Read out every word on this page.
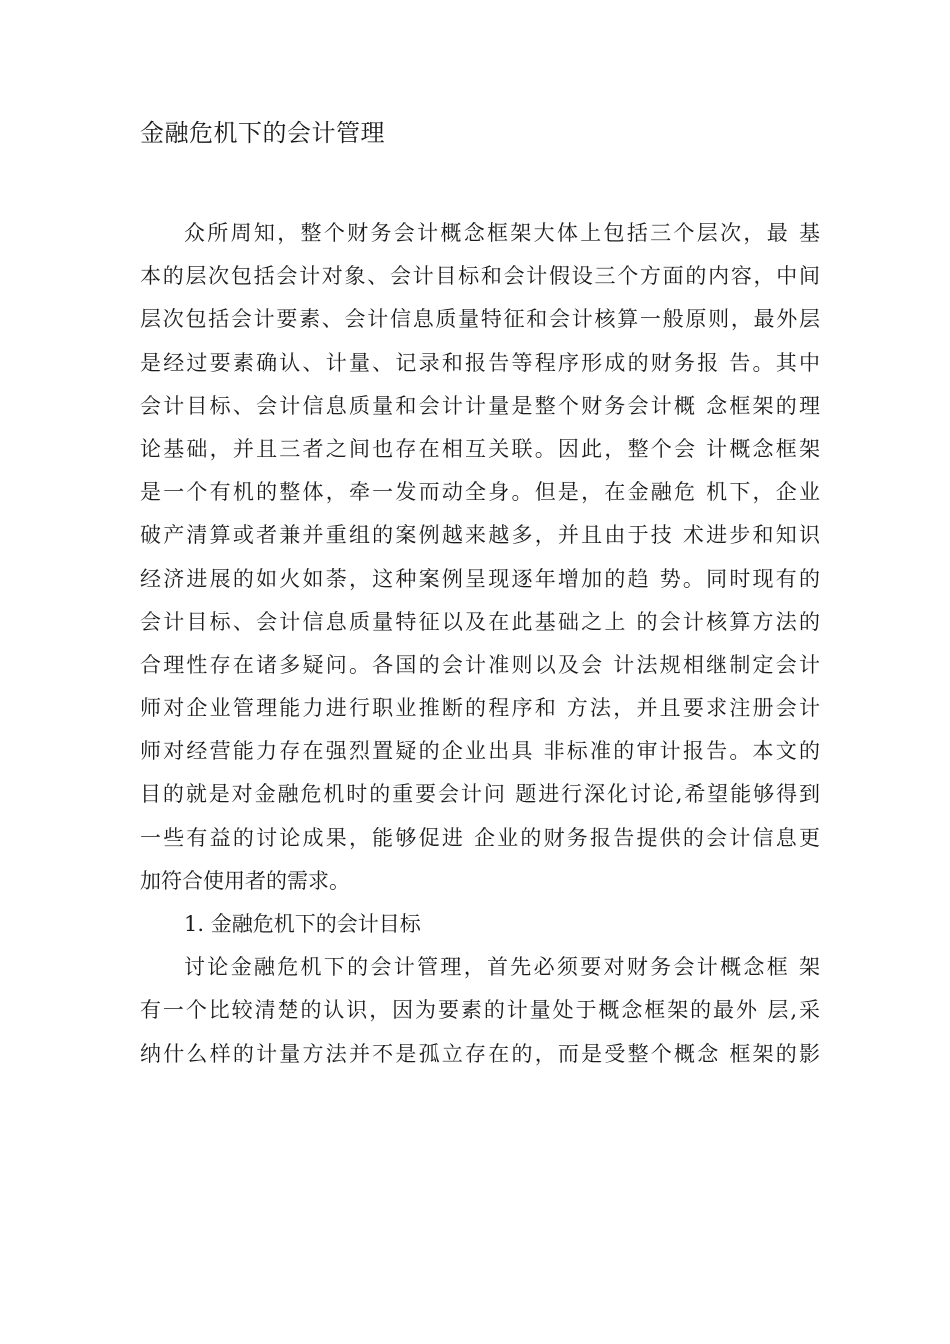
金融危机下的会计管理
众所周知，整个财务会计概念框架大体上包括三个层次，最 基
本的层次包括会计对象、会计目标和会计假设三个方面的内容，中间
层次包括会计要素、会计信息质量特征和会计核算一般原则，最外层
是经过要素确认、计量、记录和报告等程序形成的财务报 告。其中
会计目标、会计信息质量和会计计量是整个财务会计概 念框架的理
论基础，并且三者之间也存在相互关联。因此，整个会 计概念框架
是一个有机的整体，牵一发而动全身。但是，在金融危 机下，企业
破产清算或者兼并重组的案例越来越多，并且由于技 术进步和知识
经济进展的如火如荼，这种案例呈现逐年增加的趋 势。同时现有的
会计目标、会计信息质量特征以及在此基础之上 的会计核算方法的
合理性存在诸多疑问。各国的会计准则以及会 计法规相继制定会计
师对企业管理能力进行职业推断的程序和 方法，并且要求注册会计
师对经营能力存在强烈置疑的企业出具 非标准的审计报告。本文的
目的就是对金融危机时的重要会计问 题进行深化讨论,希望能够得到
一些有益的讨论成果，能够促进 企业的财务报告提供的会计信息更
加符合使用者的需求。
1. 金融危机下的会计目标
讨论金融危机下的会计管理，首先必须要对财务会计概念框 架
有一个比较清楚的认识，因为要素的计量处于概念框架的最外 层,采
纳什么样的计量方法并不是孤立存在的，而是受整个概念 框架的影
